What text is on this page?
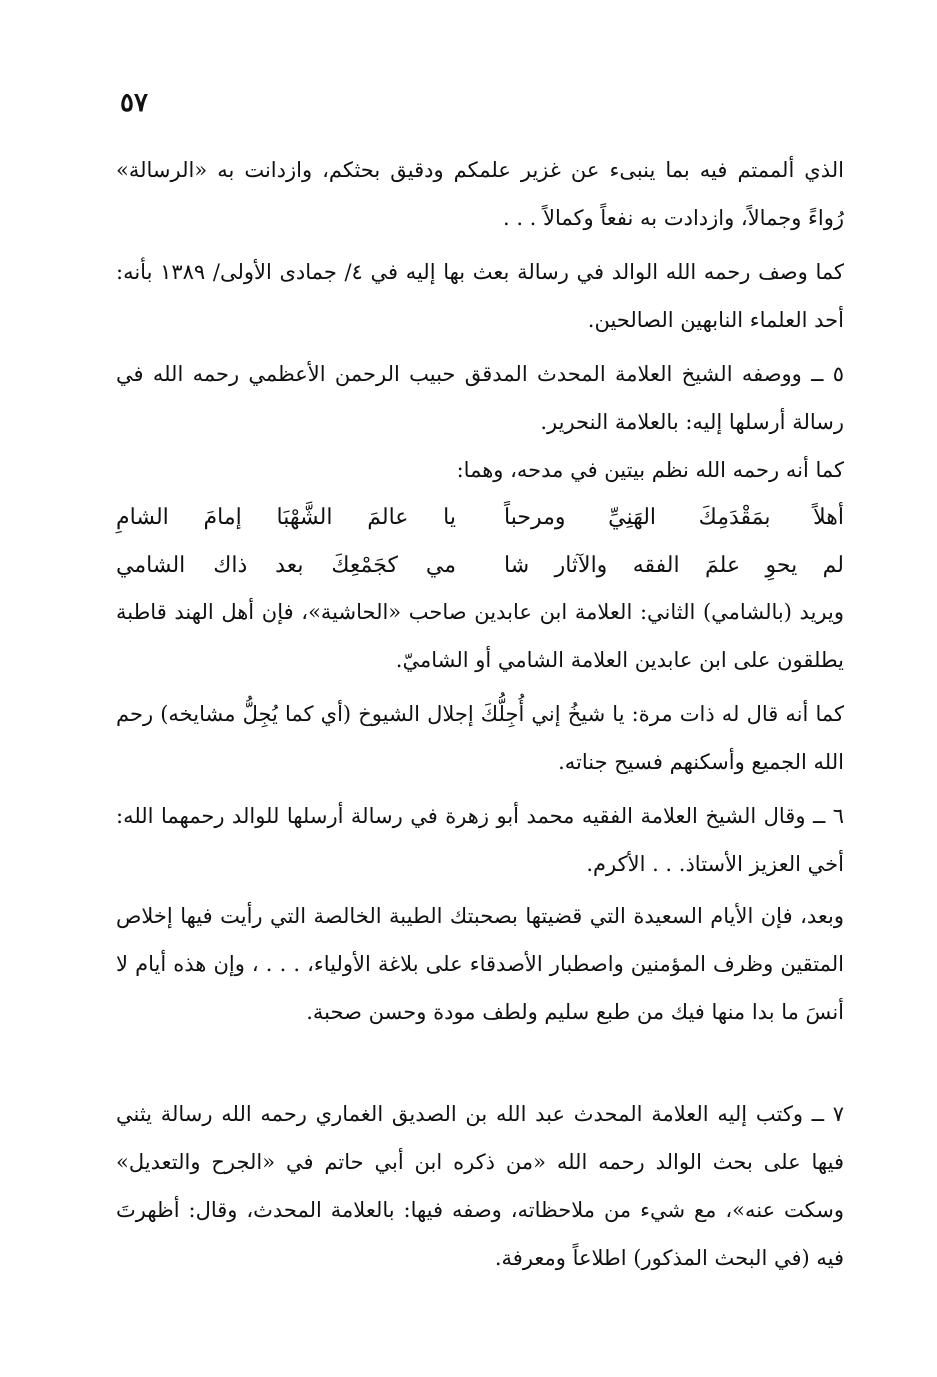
٥٧

الذي ألممتم فيه بما ينبىء عن غزير علمكم ودقيق بحثكم، وازدانت به «الرسالة» رُواءً وجمالاً، وازدادت به نفعاً وكمالاً . . .

كما وصف رحمه الله الوالد في رسالة بعث بها إليه في ٤/ جمادى الأولى/ ١٣٨٩ بأنه: أحد العلماء النابهين الصالحين.

٥ ــ ووصفه الشيخ العلامة المحدث المدقق حبيب الرحمن الأعظمي رحمه الله في رسالة أرسلها إليه: بالعلامة النحرير.

كما أنه رحمه الله نظم بيتين في مدحه، وهما:

أهلاً بمَقْدَمِكَ الهَنِيِّ ومرحباً
يا عالمَ الشَّهْبَا إمامَ الشامِ
لم يحوِ علمَ الفقه والآثار شا
مي كجَمْعِكَ بعد ذاك الشامي

ويريد (بالشامي) الثاني: العلامة ابن عابدين صاحب «الحاشية»، فإن أهل الهند قاطبة يطلقون على ابن عابدين العلامة الشامي أو الشاميّ.

كما أنه قال له ذات مرة: يا شيخُ إني أُجِلُّكَ إجلال الشيوخ (أي كما يُجِلُّ مشايخه) رحم الله الجميع وأسكنهم فسيح جناته.

٦ ــ وقال الشيخ العلامة الفقيه محمد أبو زهرة في رسالة أرسلها للوالد رحمهما الله: أخي العزيز الأستاذ. . . الأكرم.

وبعد، فإن الأيام السعيدة التي قضيتها بصحبتك الطيبة الخالصة التي رأيت فيها إخلاص المتقين وظرف المؤمنين واصطبار الأصدقاء على بلاغة الأولياء، . . . ، وإن هذه أيام لا أنسَ ما بدا منها فيك من طبع سليم ولطف مودة وحسن صحبة.

٧ ــ وكتب إليه العلامة المحدث عبد الله بن الصديق الغماري رحمه الله رسالة يثني فيها على بحث الوالد رحمه الله «من ذكره ابن أبي حاتم في «الجرح والتعديل» وسكت عنه»، مع شيء من ملاحظاته، وصفه فيها: بالعلامة المحدث، وقال: أظهرتَ فيه (في البحث المذكور) اطلاعاً ومعرفة.
